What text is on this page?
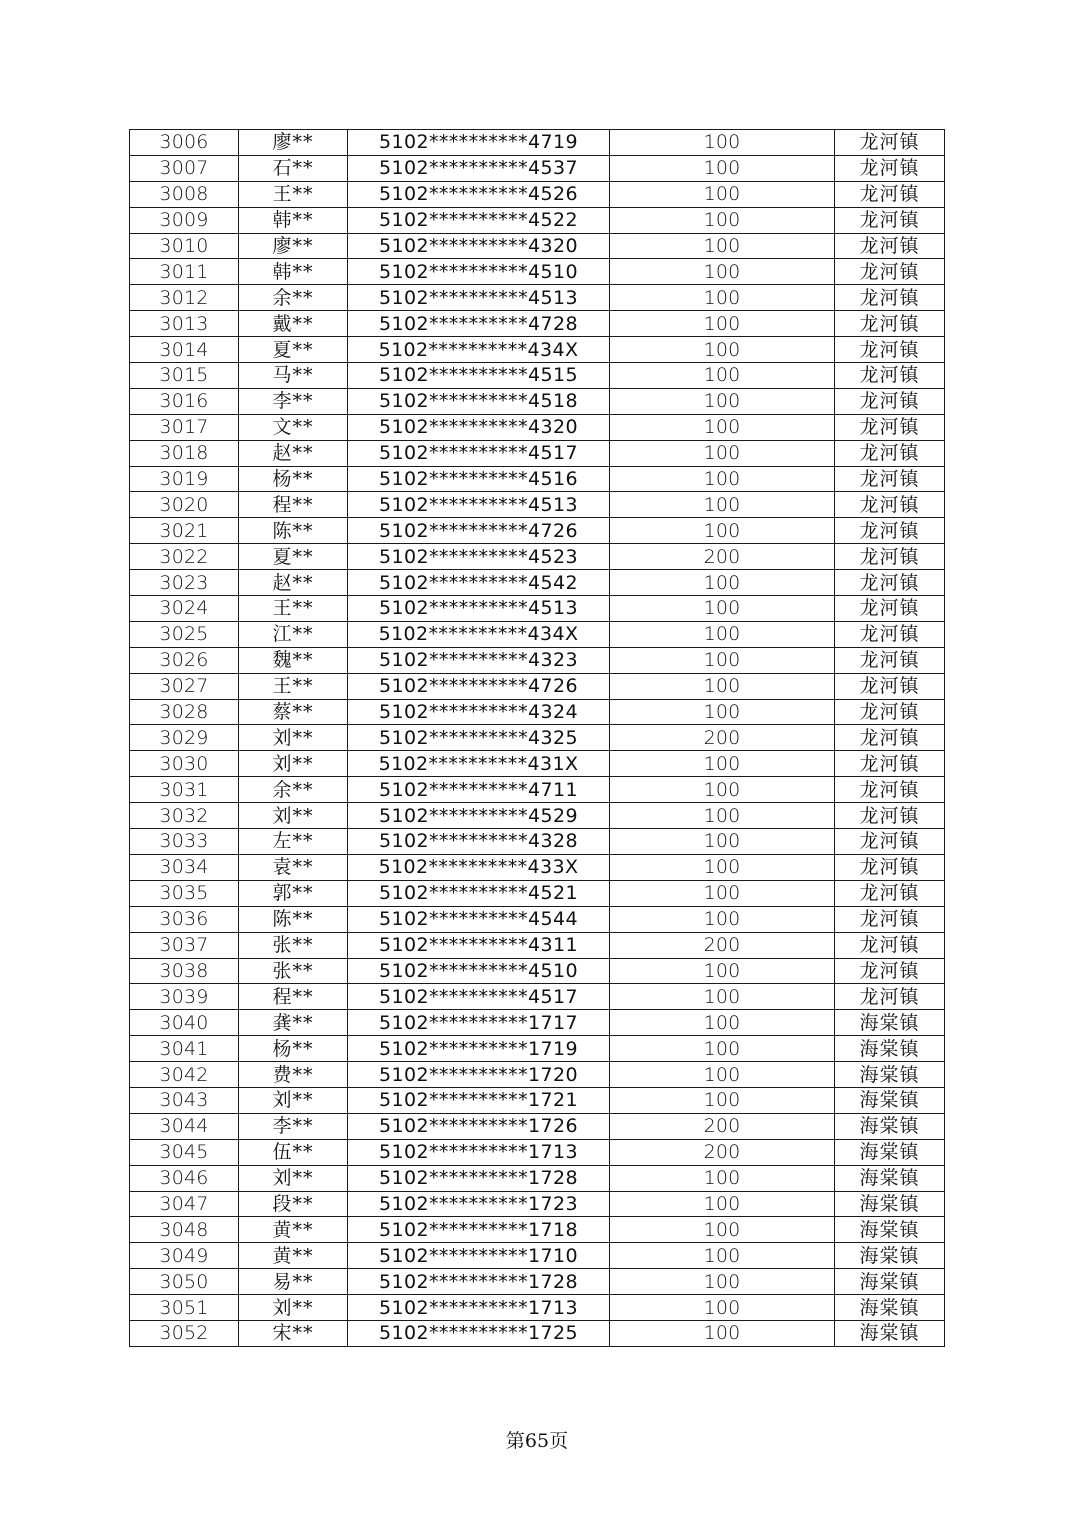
3006	廖**	5102**********4719	100	龙河镇
3007	石**	5102**********4537	100	龙河镇
3008	王**	5102**********4526	100	龙河镇
3009	韩**	5102**********4522	100	龙河镇
3010	廖**	5102**********4320	100	龙河镇
3011	韩**	5102**********4510	100	龙河镇
3012	余**	5102**********4513	100	龙河镇
3013	戴**	5102**********4728	100	龙河镇
3014	夏**	5102**********434X	100	龙河镇
3015	马**	5102**********4515	100	龙河镇
3016	李**	5102**********4518	100	龙河镇
3017	文**	5102**********4320	100	龙河镇
3018	赵**	5102**********4517	100	龙河镇
3019	杨**	5102**********4516	100	龙河镇
3020	程**	5102**********4513	100	龙河镇
3021	陈**	5102**********4726	100	龙河镇
3022	夏**	5102**********4523	200	龙河镇
3023	赵**	5102**********4542	100	龙河镇
3024	王**	5102**********4513	100	龙河镇
3025	江**	5102**********434X	100	龙河镇
3026	魏**	5102**********4323	100	龙河镇
3027	王**	5102**********4726	100	龙河镇
3028	蔡**	5102**********4324	100	龙河镇
3029	刘**	5102**********4325	200	龙河镇
3030	刘**	5102**********431X	100	龙河镇
3031	余**	5102**********4711	100	龙河镇
3032	刘**	5102**********4529	100	龙河镇
3033	左**	5102**********4328	100	龙河镇
3034	袁**	5102**********433X	100	龙河镇
3035	郭**	5102**********4521	100	龙河镇
3036	陈**	5102**********4544	100	龙河镇
3037	张**	5102**********4311	200	龙河镇
3038	张**	5102**********4510	100	龙河镇
3039	程**	5102**********4517	100	龙河镇
3040	龚**	5102**********1717	100	海棠镇
3041	杨**	5102**********1719	100	海棠镇
3042	费**	5102**********1720	100	海棠镇
3043	刘**	5102**********1721	100	海棠镇
3044	李**	5102**********1726	200	海棠镇
3045	伍**	5102**********1713	200	海棠镇
3046	刘**	5102**********1728	100	海棠镇
3047	段**	5102**********1723	100	海棠镇
3048	黄**	5102**********1718	100	海棠镇
3049	黄**	5102**********1710	100	海棠镇
3050	易**	5102**********1728	100	海棠镇
3051	刘**	5102**********1713	100	海棠镇
3052	宋**	5102**********1725	100	海棠镇
第65页
